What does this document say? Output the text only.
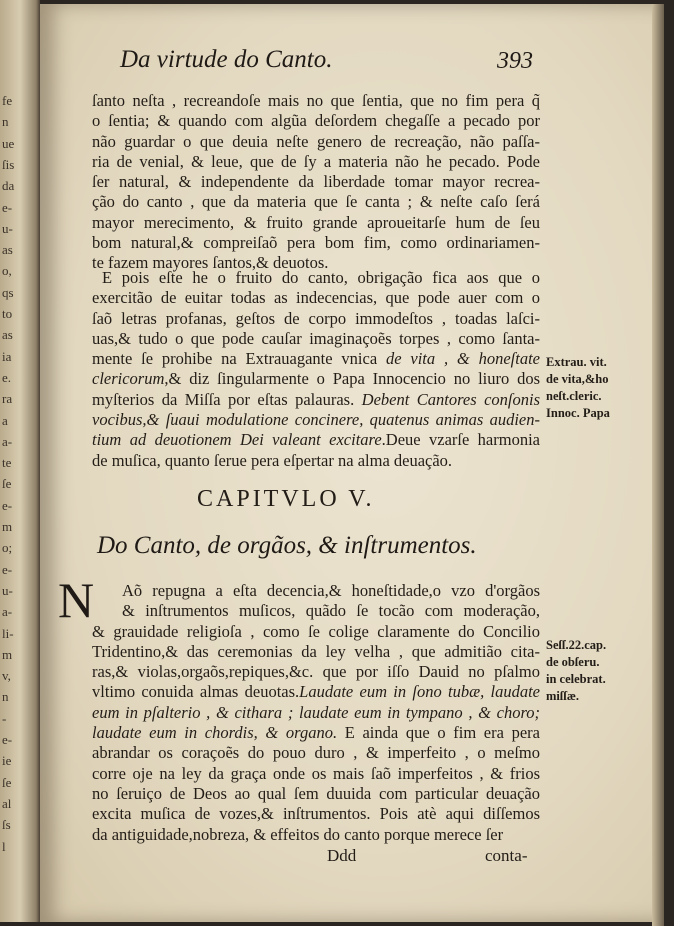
fe
n
ue
ſis
da
e-
u-
as
o,
qs
to
as
ia
e.
ra
a
a-
te
ſe
e-
m
o;
e-
u-
a-
li-
m
v,
n
-
e-
ie
ſe
al
ſs
l
Da virtude do Canto.	393
ſanto neſta , recreandoſe mais no que ſentia, que no fim pera q̃
o ſentia; & quando com algũa deſordem chegaſſe a pecado por
não guardar o que deuia neſte genero de recreação, não paſſa-
ria de venial, & leue, que de ſy a materia não he pecado. Pode
ſer natural, & independente da liberdade tomar mayor recrea-
ção do canto , que da materia que ſe canta ; & neſte caſo ſerá
mayor merecimento, & fruito grande aproueitarſe hum de ſeu
bom natural,& compreiſaõ pera bom fim, como ordinariamen-
te fazem mayores ſantos,& deuotos.
E pois eſte he o fruito do canto, obrigação fica aos que o
exercitão de euitar todas as indecencias, que pode auer com o
ſaõ letras profanas, geſtos de corpo immodeſtos , toadas laſci-
uas,& tudo o que pode cauſar imaginaçoẽs torpes , como ſanta-
mente ſe prohibe na Extrauagante vnica de vita , & honeſtate
clericorum,& diz ſingularmente o Papa Innocencio no liuro dos
myſterios da Miſſa por eſtas palauras. Debent Cantores conſonis
vocibus,& ſuaui modulatione concinere, quatenus animas audien-
tium ad deuotionem Dei valeant excitare.Deue vzarſe harmonia
de muſica, quanto ſerue pera eſpertar na alma deuação.
CAPITVLO V.
Do Canto, de orgãos, & inſtrumentos.
N	Aõ repugna a eſta decencia,& honeſtidade,o vzo d'orgãos
& inſtrumentos muſicos, quãdo ſe tocão com moderação,
& grauidade religioſa , como ſe colige claramente do Concilio
Tridentino,& das ceremonias da ley velha , que admitião cita-
ras,& violas,orgaõs,repiques,&c. que por iſſo Dauid no pſalmo
vltimo conuida almas deuotas.Laudate eum in ſono tubæ, laudate
eum in pſalterio , & cithara ; laudate eum in tympano , & choro;
laudate eum in chordis, & organo. E ainda que o fim era pera
abrandar os coraçoẽs do pouo duro , & imperfeito , o meſmo
corre oje na ley da graça onde os mais ſaõ imperfeitos , & frios
no ſeruiço de Deos ao qual ſem duuida com particular deuação
excita muſica de vozes,& inſtrumentos. Pois atè aqui diſſemos
da antiguidade,nobreza, & effeitos do canto porque merece ſer
Extrau. vit.
de vita,&ho
neſt.cleric.
Innoc. Papa
Seſſ.22.cap.
de obſeru.
in celebrat.
miſſæ.
Ddd	conta-
